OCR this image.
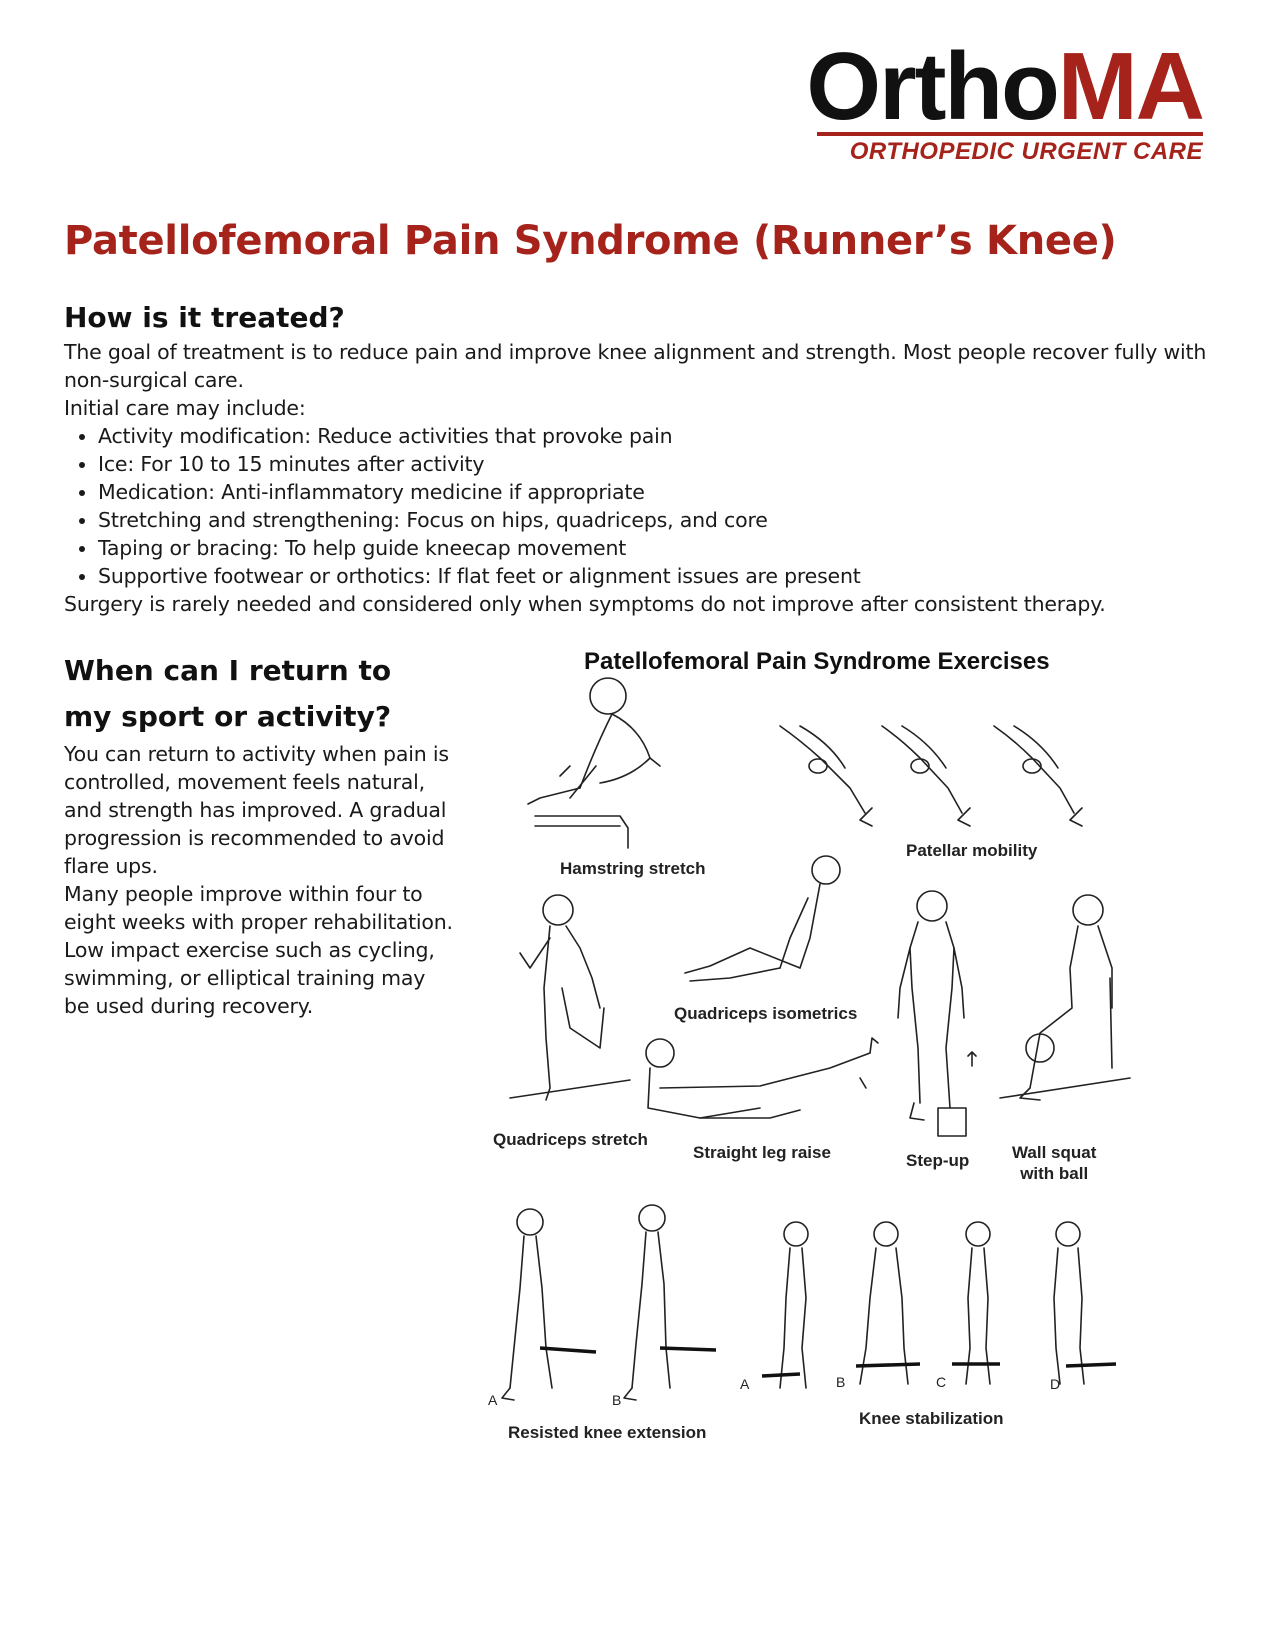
OrthoMA
ORTHOPEDIC URGENT CARE
Patellofemoral Pain Syndrome (Runner’s Knee)
How is it treated?

The goal of treatment is to reduce pain and improve knee alignment and strength. Most people recover fully with non-surgical care.

Initial care may include:

• Activity modification: Reduce activities that provoke pain
• Ice: For 10 to 15 minutes after activity
• Medication: Anti-inflammatory medicine if appropriate
• Stretching and strengthening: Focus on hips, quadriceps, and core
• Taping or bracing: To help guide kneecap movement
• Supportive footwear or orthotics: If flat feet or alignment issues are present

Surgery is rarely needed and considered only when symptoms do not improve after consistent therapy.

When can I return to
my sport or activity?

You can return to activity when pain is controlled, movement feels natural, and strength has improved. A gradual progression is recommended to avoid flare ups.

Many people improve within four to eight weeks with proper rehabilitation. Low impact exercise such as cycling, swimming, or elliptical training may be used during recovery.

Patellofemoral Pain Syndrome Exercises
Hamstring stretch
Patellar mobility
Quadriceps isometrics
Quadriceps stretch
Straight leg raise	Step-up	Wall squat
with ball
Resisted knee extension
Knee stabilization
A	B
A	B	C	D
